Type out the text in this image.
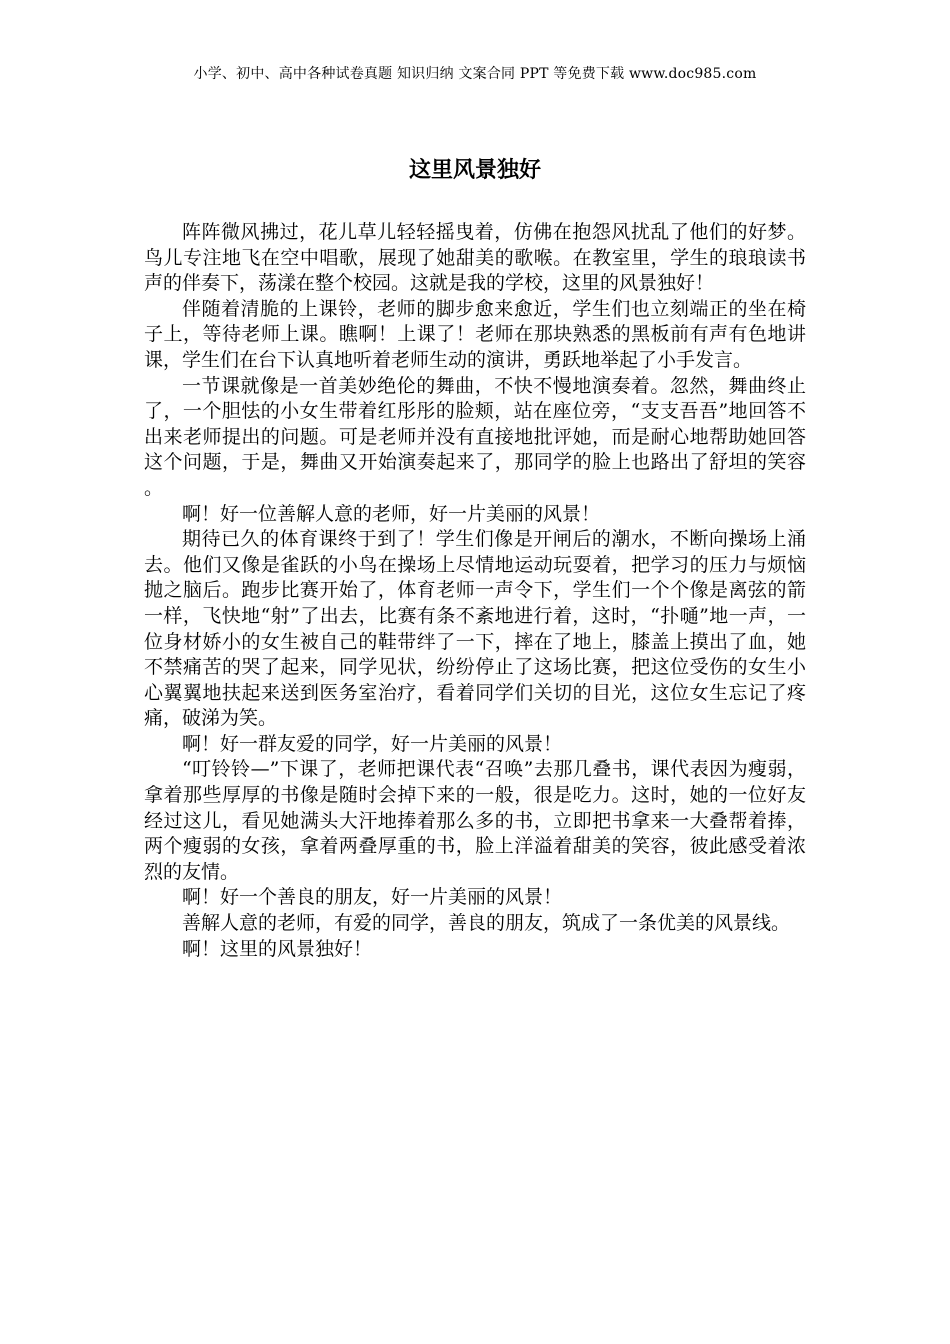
小学、初中、高中各种试卷真题 知识归纳 文案合同 PPT 等免费下载 www.doc985.com
这里风景独好

阵阵微风拂过，花儿草儿轻轻摇曳着，仿佛在抱怨风扰乱了他们的好梦。鸟儿专注地飞在空中唱歌，展现了她甜美的歌喉。在教室里，学生的琅琅读书声的伴奏下，荡漾在整个校园。这就是我的学校，这里的风景独好！

伴随着清脆的上课铃，老师的脚步愈来愈近，学生们也立刻端正的坐在椅子上，等待老师上课。瞧啊！上课了！老师在那块熟悉的黑板前有声有色地讲课，学生们在台下认真地听着老师生动的演讲，勇跃地举起了小手发言。

一节课就像是一首美妙绝伦的舞曲，不快不慢地演奏着。忽然，舞曲终止了，一个胆怯的小女生带着红彤彤的脸颊，站在座位旁，“支支吾吾”地回答不出来老师提出的问题。可是老师并没有直接地批评她，而是耐心地帮助她回答这个问题，于是，舞曲又开始演奏起来了，那同学的脸上也路出了舒坦的笑容。

啊！好一位善解人意的老师，好一片美丽的风景！

期待已久的体育课终于到了！学生们像是开闸后的潮水，不断向操场上涌去。他们又像是雀跃的小鸟在操场上尽情地运动玩耍着，把学习的压力与烦恼抛之脑后。跑步比赛开始了，体育老师一声令下，学生们一个个像是离弦的箭一样，飞快地“射”了出去，比赛有条不紊地进行着，这时，“扑嗵”地一声，一位身材娇小的女生被自己的鞋带绊了一下，摔在了地上，膝盖上摸出了血，她不禁痛苦的哭了起来，同学见状，纷纷停止了这场比赛，把这位受伤的女生小心翼翼地扶起来送到医务室治疗，看着同学们关切的目光，这位女生忘记了疼痛，破涕为笑。

啊！好一群友爱的同学，好一片美丽的风景！

“叮铃铃—”下课了，老师把课代表“召唤”去那几叠书，课代表因为瘦弱，拿着那些厚厚的书像是随时会掉下来的一般，很是吃力。这时，她的一位好友经过这儿，看见她满头大汗地捧着那么多的书，立即把书拿来一大叠帮着捧，两个瘦弱的女孩，拿着两叠厚重的书，脸上洋溢着甜美的笑容，彼此感受着浓烈的友情。

啊！好一个善良的朋友，好一片美丽的风景！

善解人意的老师，有爱的同学，善良的朋友，筑成了一条优美的风景线。

啊！这里的风景独好！
